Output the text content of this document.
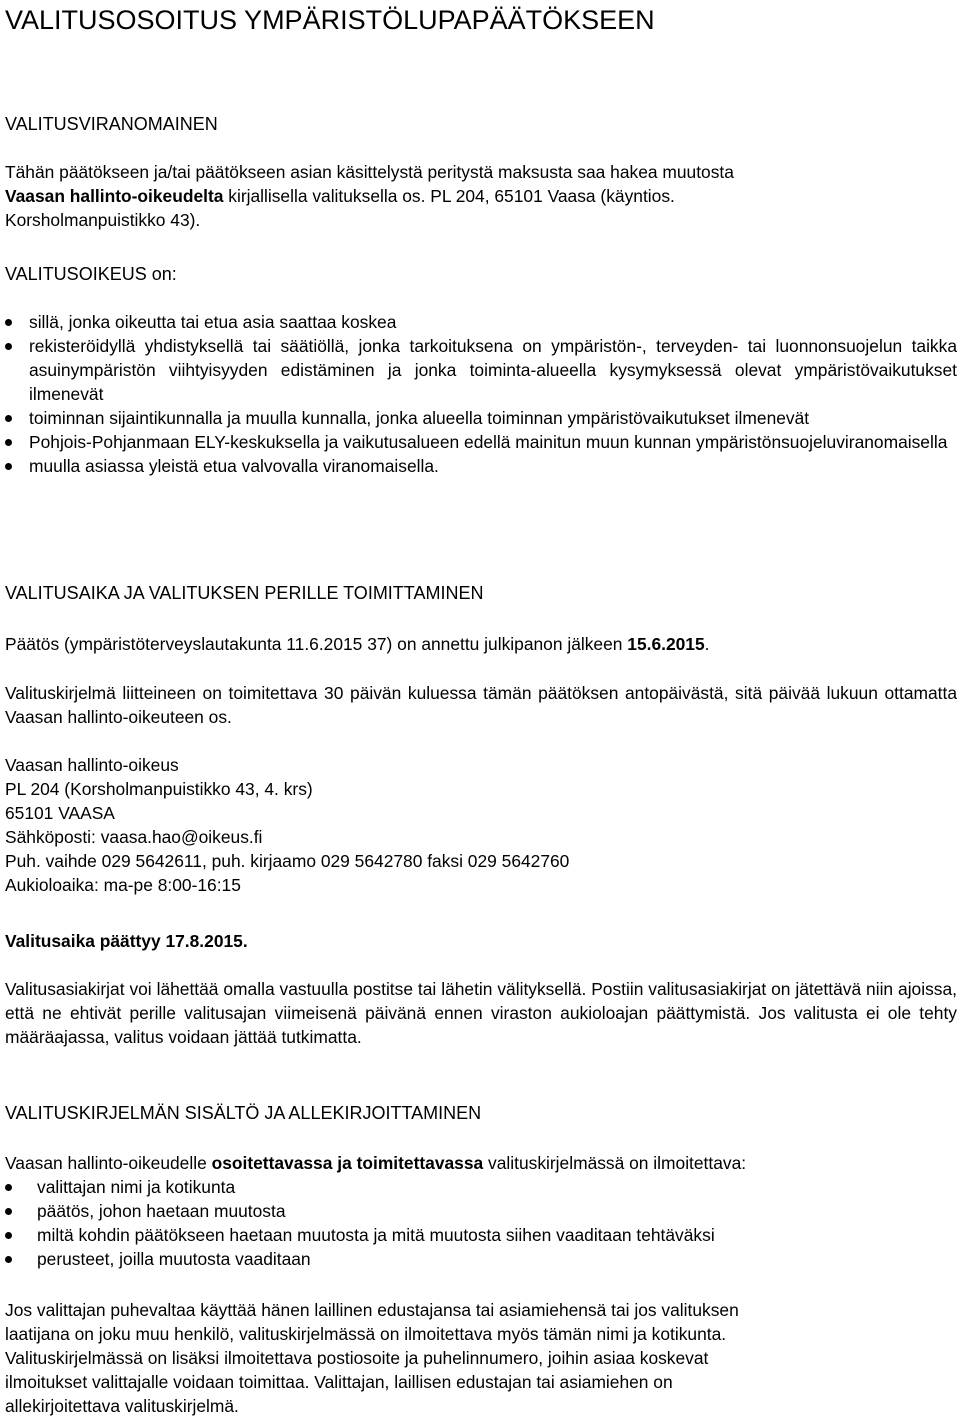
VALITUSOSOITUS YMPÄRISTÖLUPAPÄÄTÖKSEEN
VALITUSVIRANOMAINEN
Tähän päätökseen ja/tai päätökseen asian käsittelystä peritystä maksusta saa hakea muutosta
Vaasan hallinto-oikeudelta kirjallisella valituksella os. PL 204, 65101 Vaasa (käyntios.
Korsholmanpuistikko 43).
VALITUSOIKEUS on:
sillä, jonka oikeutta tai etua asia saattaa koskea
rekisteröidyllä yhdistyksellä tai säätiöllä, jonka tarkoituksena on ympäristön-, terveyden- tai luonnonsuojelun taikka asuinympäristön viihtyisyyden edistäminen ja jonka toiminta-alueella kysymyksessä olevat ympäristövaikutukset ilmenevät
toiminnan sijaintikunnalla ja muulla kunnalla, jonka alueella toiminnan ympäristövaikutukset ilmenevät
Pohjois-Pohjanmaan ELY-keskuksella ja vaikutusalueen edellä mainitun muun kunnan ympäristönsuojeluviranomaisella
muulla asiassa yleistä etua valvovalla viranomaisella.
VALITUSAIKA JA VALITUKSEN PERILLE TOIMITTAMINEN
Päätös (ympäristöterveyslautakunta 11.6.2015 37) on annettu julkipanon jälkeen 15.6.2015.
Valituskirjelmä liitteineen on toimitettava 30 päivän kuluessa tämän päätöksen antopäivästä, sitä päivää lukuun ottamatta Vaasan hallinto-oikeuteen os.
Vaasan hallinto-oikeus
PL 204 (Korsholmanpuistikko 43, 4. krs)
65101 VAASA
Sähköposti: vaasa.hao@oikeus.fi
Puh. vaihde 029 5642611, puh. kirjaamo 029 5642780 faksi 029 5642760
Aukioloaika: ma-pe 8:00-16:15
Valitusaika päättyy 17.8.2015.
Valitusasiakirjat voi lähettää omalla vastuulla postitse tai lähetin välityksellä. Postiin valitusasiakirjat on jätettävä niin ajoissa, että ne ehtivät perille valitusajan viimeisenä päivänä ennen viraston aukioloajan päättymistä. Jos valitusta ei ole tehty määräajassa, valitus voidaan jättää tutkimatta.
VALITUSKIRJELMÄN SISÄLTÖ JA ALLEKIRJOITTAMINEN
Vaasan hallinto-oikeudelle osoitettavassa ja toimitettavassa valituskirjelmässä on ilmoitettava:
valittajan nimi ja kotikunta
päätös, johon haetaan muutosta
miltä kohdin päätökseen haetaan muutosta ja mitä muutosta siihen vaaditaan tehtäväksi
perusteet, joilla muutosta vaaditaan
Jos valittajan puhevaltaa käyttää hänen laillinen edustajansa tai asiamiehensä tai jos valituksen
laatijana on joku muu henkilö, valituskirjelmässä on ilmoitettava myös tämän nimi ja kotikunta.
Valituskirjelmässä on lisäksi ilmoitettava postiosoite ja puhelinnumero, joihin asiaa koskevat
ilmoitukset valittajalle voidaan toimittaa. Valittajan, laillisen edustajan tai asiamiehen on
allekirjoitettava valituskirjelmä.
